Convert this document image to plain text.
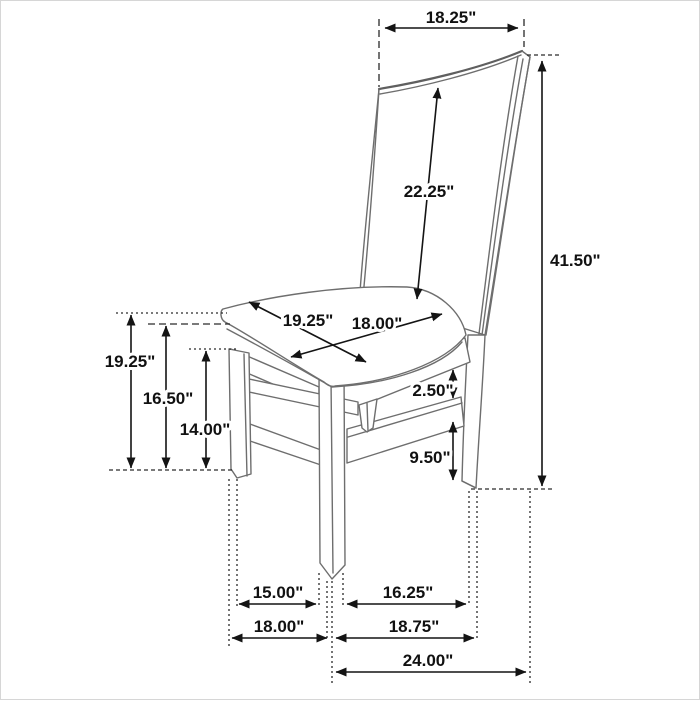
18.25"
22.25"
41.50"
19.25"
16.50"
14.00"
19.25" 18.00"
2.50"
9.50"
15.00"	16.25"
18.00"	18.75"
24.00"
